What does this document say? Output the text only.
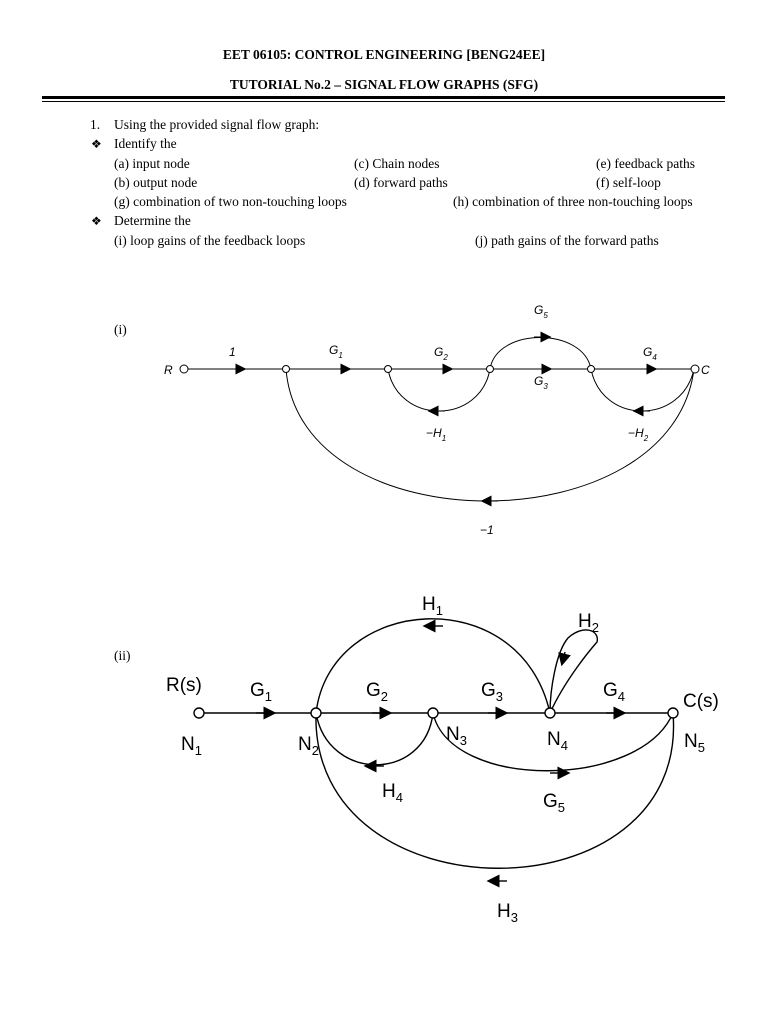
EET 06105: CONTROL ENGINEERING [BENG24EE]
TUTORIAL No.2 – SIGNAL FLOW GRAPHS (SFG)
1. Using the provided signal flow graph:
❖ Identify the
(a) input node	(c) Chain nodes	(e) feedback paths
(b) output node	(d) forward paths	(f) self-loop
(g) combination of two non-touching loops	(h) combination of three non-touching loops
❖ Determine the
(i) loop gains of the feedback loops	(j) path gains of the forward paths
(i)
(ii)
R	C
1	$G_1$	$G_2$
$G_3$
$G_4$
$G_5$
$-H_1$	$-H_2$
−1
R(s)
C(s)
$G_1$	$G_2$	$G_3$	$G_4$
$G_5$
$H_1$
$H_2$
$H_3$
$H_4$
$N_1$	$N_2$
$N_3$	$N_4$	$N_5$
